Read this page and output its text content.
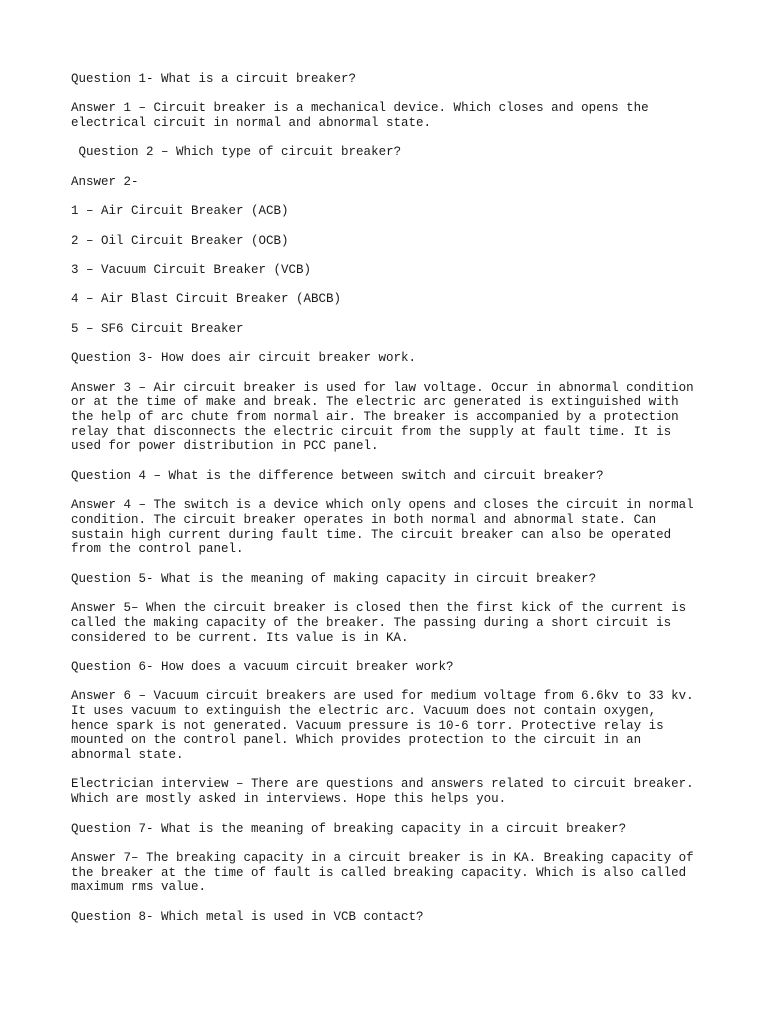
Question 1- What is a circuit breaker?

Answer 1 – Circuit breaker is a mechanical device. Which closes and opens the
electrical circuit in normal and abnormal state.

Question 2 – Which type of circuit breaker?

Answer 2-

1 – Air Circuit Breaker (ACB)

2 – Oil Circuit Breaker (OCB)

3 – Vacuum Circuit Breaker (VCB)

4 – Air Blast Circuit Breaker (ABCB)

5 – SF6 Circuit Breaker

Question 3- How does air circuit breaker work.

Answer 3 – Air circuit breaker is used for law voltage. Occur in abnormal condition
or at the time of make and break. The electric arc generated is extinguished with
the help of arc chute from normal air. The breaker is accompanied by a protection
relay that disconnects the electric circuit from the supply at fault time. It is
used for power distribution in PCC panel.

Question 4 – What is the difference between switch and circuit breaker?

Answer 4 – The switch is a device which only opens and closes the circuit in normal
condition. The circuit breaker operates in both normal and abnormal state. Can
sustain high current during fault time. The circuit breaker can also be operated
from the control panel.

Question 5- What is the meaning of making capacity in circuit breaker?

Answer 5– When the circuit breaker is closed then the first kick of the current is
called the making capacity of the breaker. The passing during a short circuit is
considered to be current. Its value is in KA.

Question 6- How does a vacuum circuit breaker work?

Answer 6 – Vacuum circuit breakers are used for medium voltage from 6.6kv to 33 kv.
It uses vacuum to extinguish the electric arc. Vacuum does not contain oxygen,
hence spark is not generated. Vacuum pressure is 10-6 torr. Protective relay is
mounted on the control panel. Which provides protection to the circuit in an
abnormal state.

Electrician interview – There are questions and answers related to circuit breaker.
Which are mostly asked in interviews. Hope this helps you.

Question 7- What is the meaning of breaking capacity in a circuit breaker?

Answer 7– The breaking capacity in a circuit breaker is in KA. Breaking capacity of
the breaker at the time of fault is called breaking capacity. Which is also called
maximum rms value.

Question 8- Which metal is used in VCB contact?
